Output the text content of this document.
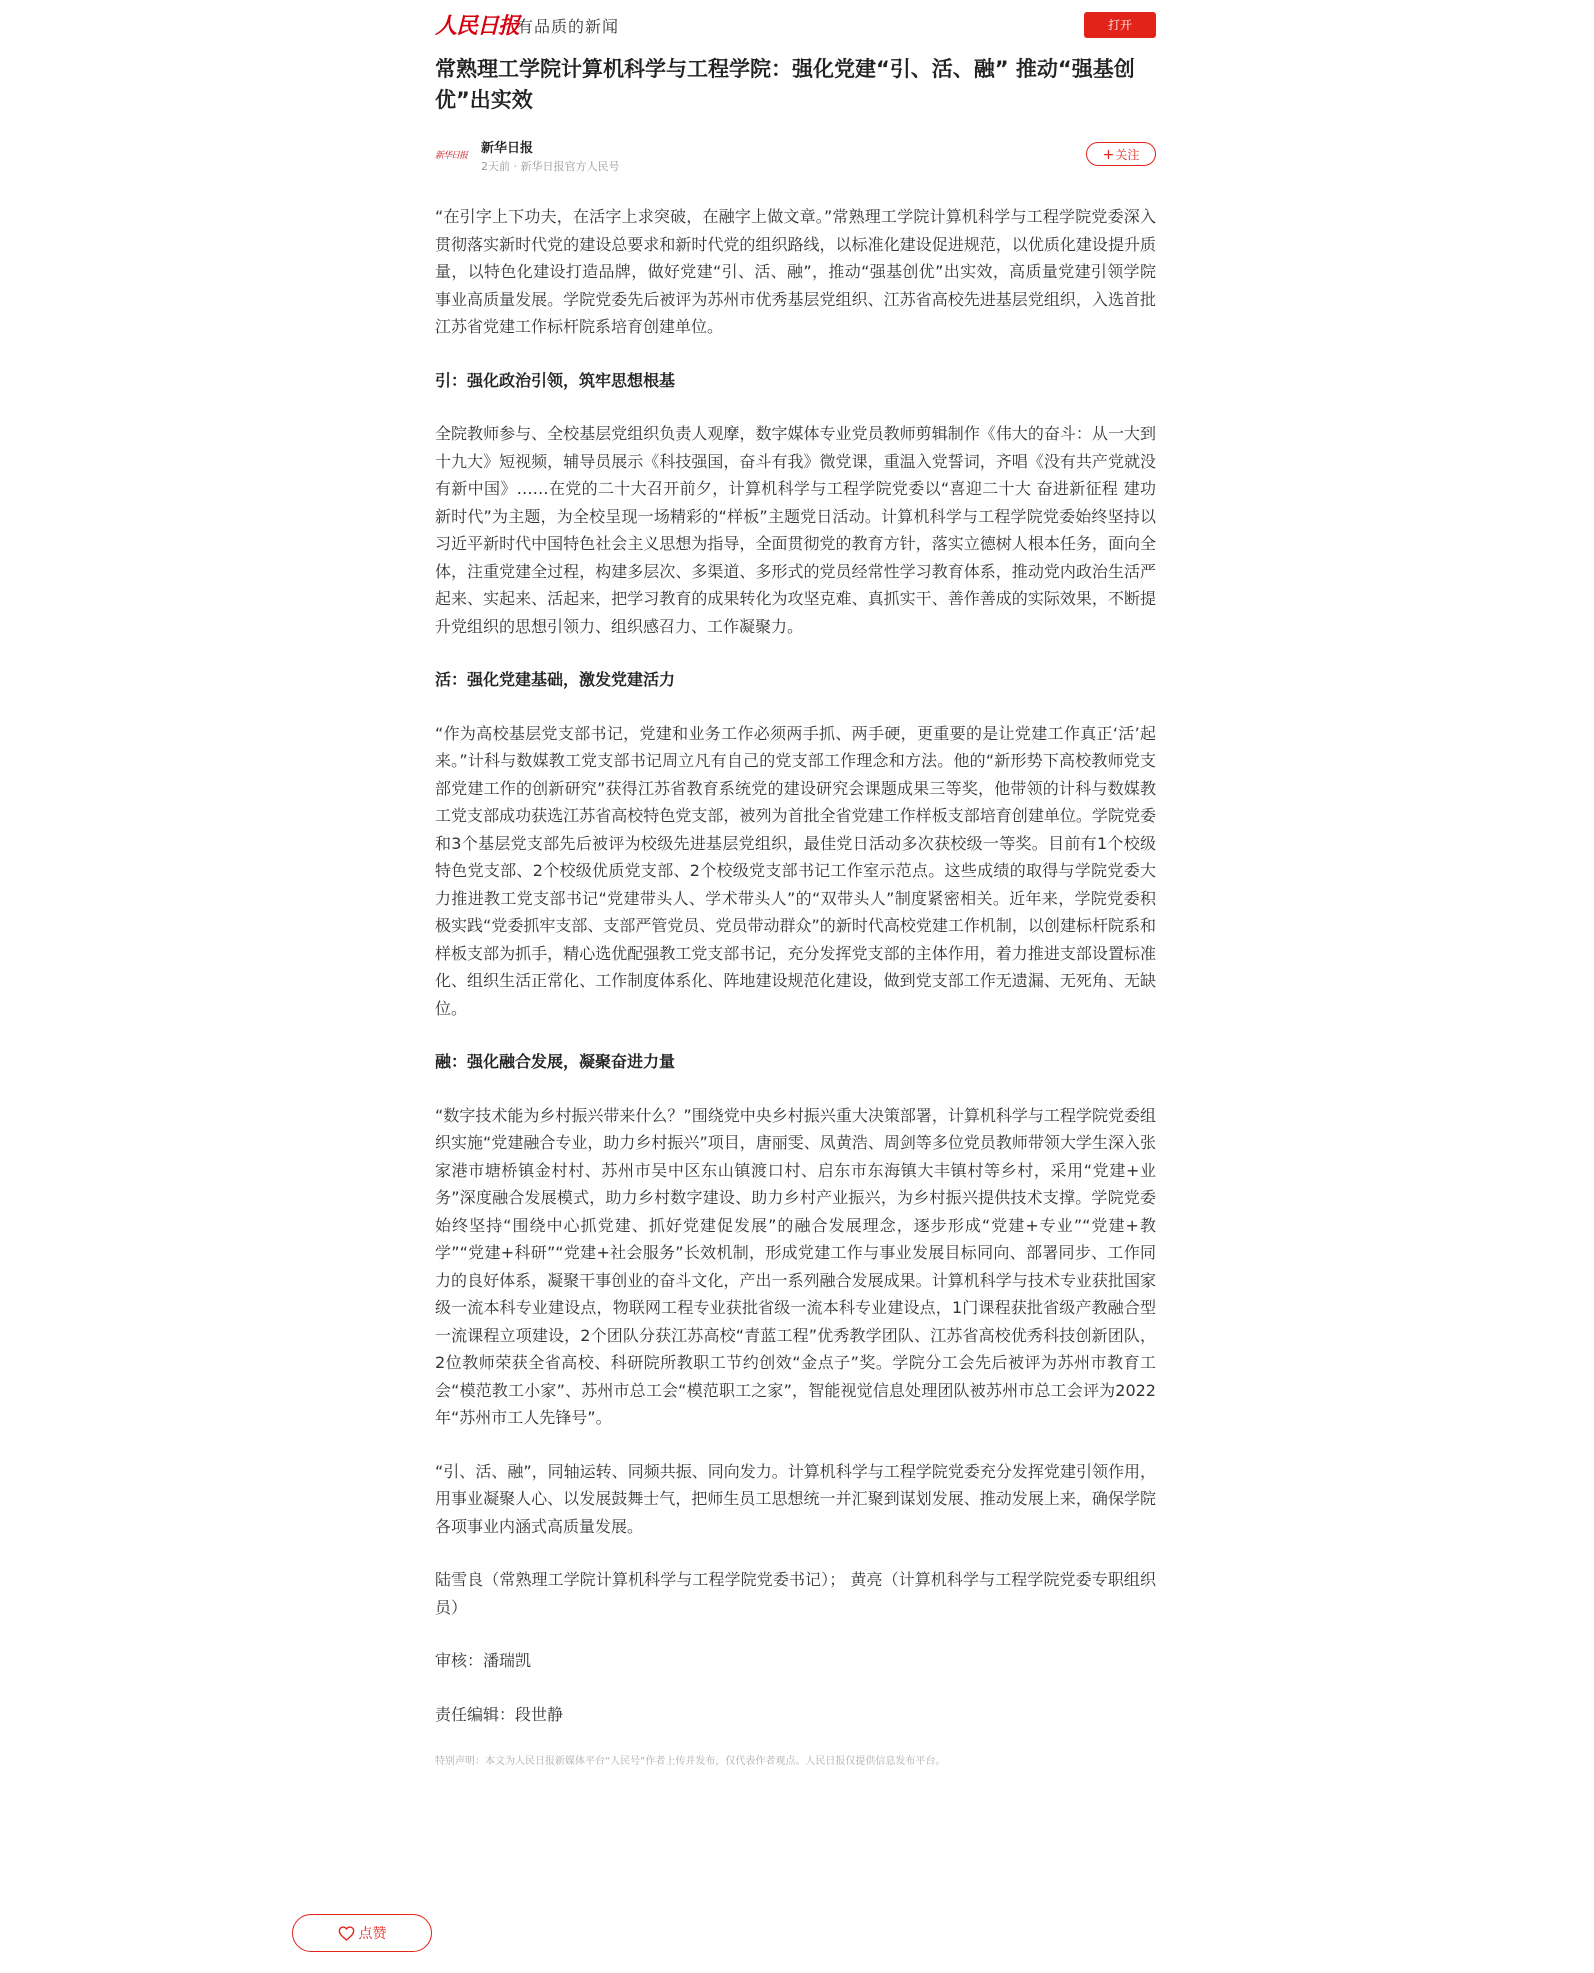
人民日报
有品质的新闻	打开
常熟理工学院计算机科学与工程学院：强化党建“引、活、融” 推动“强基创优”出实效
新华日报 新华日报
2天前 · 新华日报官方人民号
+关注

“在引字上下功夫，在活字上求突破，在融字上做文章。”常熟理工学院计算机科学与工程学院党委深入贯彻落实新时代党的建设总要求和新时代党的组织路线，以标准化建设促进规范，以优质化建设提升质量，以特色化建设打造品牌，做好党建“引、活、融”，推动“强基创优”出实效，高质量党建引领学院事业高质量发展。学院党委先后被评为苏州市优秀基层党组织、江苏省高校先进基层党组织，入选首批江苏省党建工作标杆院系培育创建单位。

引：强化政治引领，筑牢思想根基

全院教师参与、全校基层党组织负责人观摩，数字媒体专业党员教师剪辑制作《伟大的奋斗：从一大到十九大》短视频，辅导员展示《科技强国，奋斗有我》微党课，重温入党誓词，齐唱《没有共产党就没有新中国》……在党的二十大召开前夕，计算机科学与工程学院党委以“喜迎二十大 奋进新征程 建功新时代”为主题，为全校呈现一场精彩的“样板”主题党日活动。计算机科学与工程学院党委始终坚持以习近平新时代中国特色社会主义思想为指导，全面贯彻党的教育方针，落实立德树人根本任务，面向全体，注重党建全过程，构建多层次、多渠道、多形式的党员经常性学习教育体系，推动党内政治生活严起来、实起来、活起来，把学习教育的成果转化为攻坚克难、真抓实干、善作善成的实际效果，不断提升党组织的思想引领力、组织感召力、工作凝聚力。

活：强化党建基础，激发党建活力

“作为高校基层党支部书记，党建和业务工作必须两手抓、两手硬，更重要的是让党建工作真正‘活’起来。”计科与数媒教工党支部书记周立凡有自己的党支部工作理念和方法。他的“新形势下高校教师党支部党建工作的创新研究”获得江苏省教育系统党的建设研究会课题成果三等奖，他带领的计科与数媒教工党支部成功获选江苏省高校特色党支部，被列为首批全省党建工作样板支部培育创建单位。学院党委和3个基层党支部先后被评为校级先进基层党组织，最佳党日活动多次获校级一等奖。目前有1个校级特色党支部、2个校级优质党支部、2个校级党支部书记工作室示范点。这些成绩的取得与学院党委大力推进教工党支部书记“党建带头人、学术带头人”的“双带头人”制度紧密相关。近年来，学院党委积极实践“党委抓牢支部、支部严管党员、党员带动群众”的新时代高校党建工作机制，以创建标杆院系和样板支部为抓手，精心选优配强教工党支部书记，充分发挥党支部的主体作用，着力推进支部设置标准化、组织生活正常化、工作制度体系化、阵地建设规范化建设，做到党支部工作无遗漏、无死角、无缺位。

融：强化融合发展，凝聚奋进力量

“数字技术能为乡村振兴带来什么？”围绕党中央乡村振兴重大决策部署，计算机科学与工程学院党委组织实施“党建融合专业，助力乡村振兴”项目，唐丽雯、凤黄浩、周剑等多位党员教师带领大学生深入张家港市塘桥镇金村村、苏州市吴中区东山镇渡口村、启东市东海镇大丰镇村等乡村，采用“党建+业务”深度融合发展模式，助力乡村数字建设、助力乡村产业振兴，为乡村振兴提供技术支撑。学院党委始终坚持“围绕中心抓党建、抓好党建促发展”的融合发展理念，逐步形成“党建+专业”“党建+教学”“党建+科研”“党建+社会服务”长效机制，形成党建工作与事业发展目标同向、部署同步、工作同力的良好体系，凝聚干事创业的奋斗文化，产出一系列融合发展成果。计算机科学与技术专业获批国家级一流本科专业建设点，物联网工程专业获批省级一流本科专业建设点，1门课程获批省级产教融合型一流课程立项建设，2个团队分获江苏高校“青蓝工程”优秀教学团队、江苏省高校优秀科技创新团队，2位教师荣获全省高校、科研院所教职工节约创效“金点子”奖。学院分工会先后被评为苏州市教育工会“模范教工小家”、苏州市总工会“模范职工之家”，智能视觉信息处理团队被苏州市总工会评为2022年“苏州市工人先锋号”。

“引、活、融”，同轴运转、同频共振、同向发力。计算机科学与工程学院党委充分发挥党建引领作用，用事业凝聚人心、以发展鼓舞士气，把师生员工思想统一并汇聚到谋划发展、推动发展上来，确保学院各项事业内涵式高质量发展。

陆雪良（常熟理工学院计算机科学与工程学院党委书记）； 黄亮（计算机科学与工程学院党委专职组织员）

审核：潘瑞凯

责任编辑：段世静

特别声明：本文为人民日报新媒体平台“人民号”作者上传并发布，仅代表作者观点。人民日报仅提供信息发布平台。
点赞
